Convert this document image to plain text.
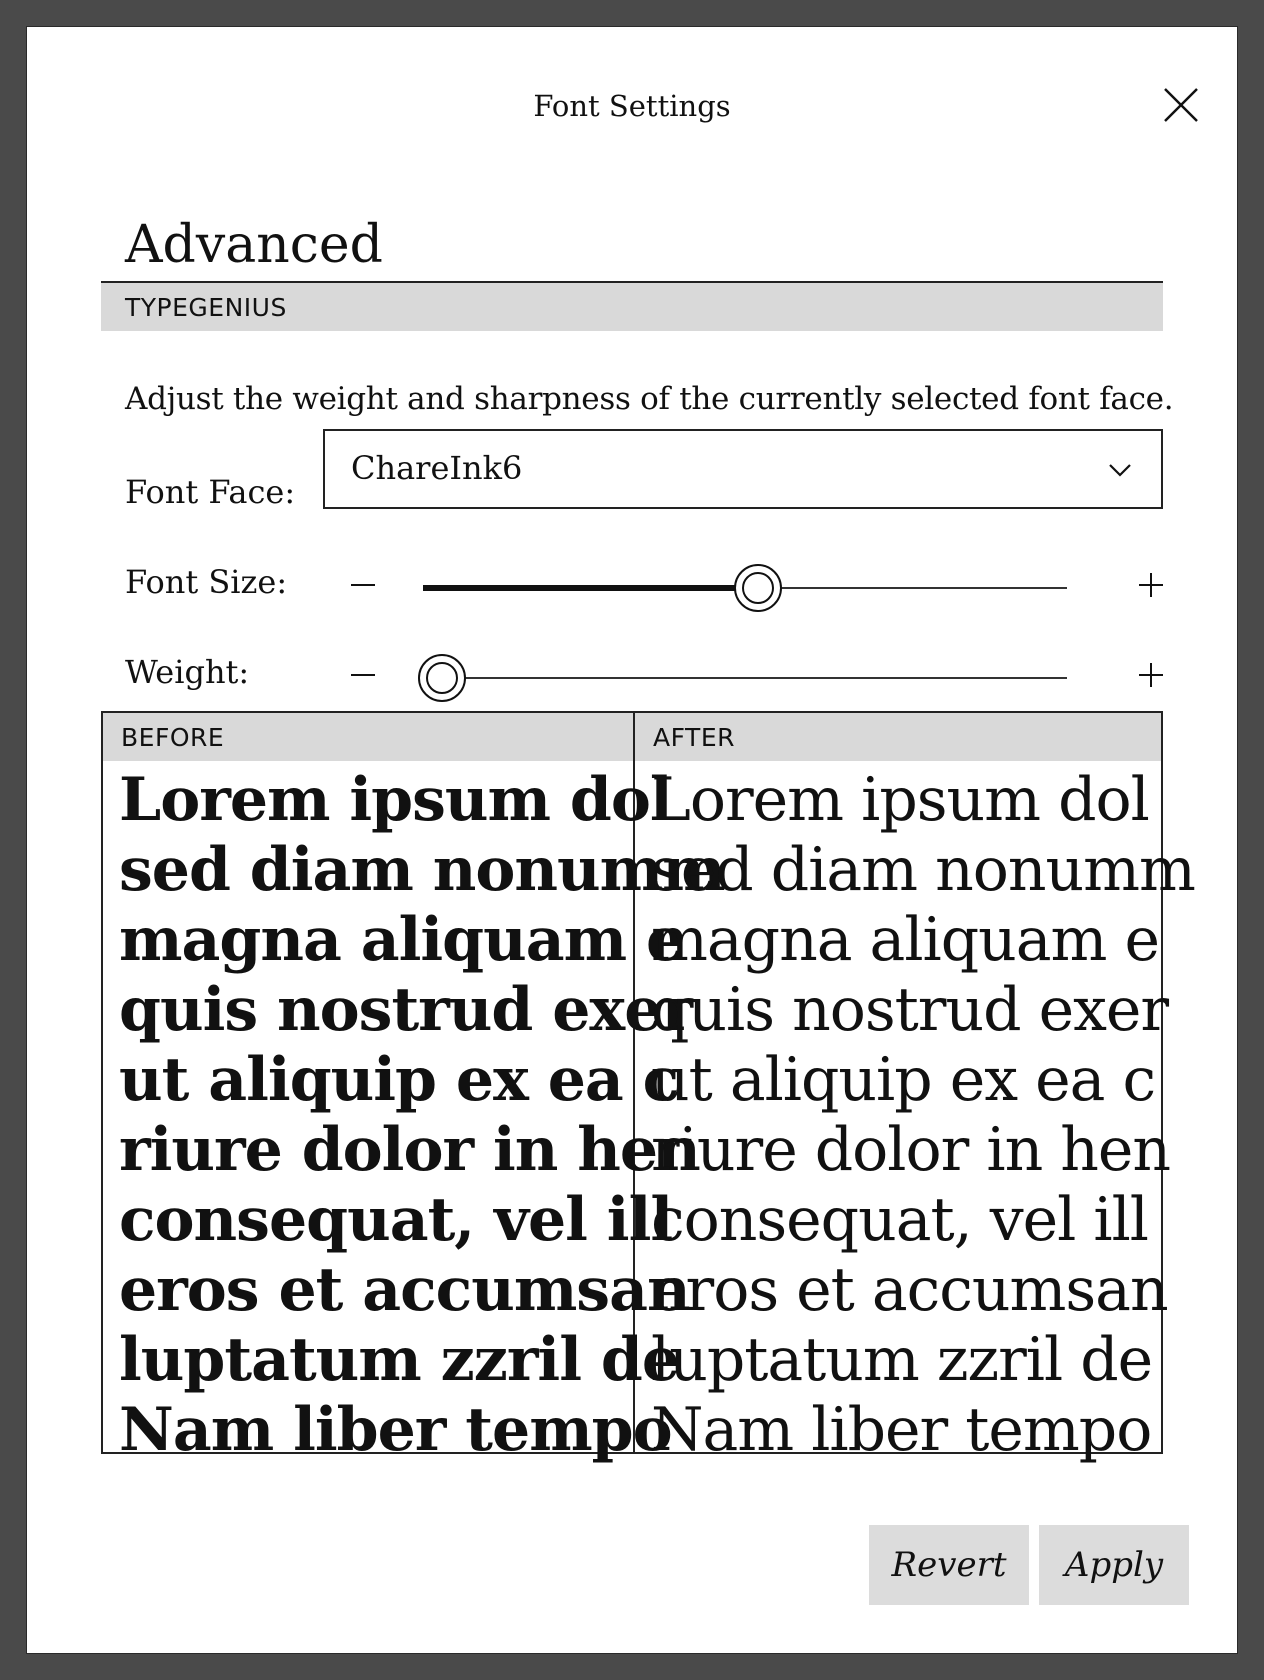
Font Settings
Advanced
TYPEGENIUS
Adjust the weight and sharpness of the currently selected font face.
Font Face:
ChareInk6
Font Size:
Weight:
BEFORE
Lorem ipsum dol
sed diam nonumm
magna aliquam e
quis nostrud exer
ut aliquip ex ea c
riure dolor in hen
consequat, vel ill
eros et accumsan
luptatum zzril de
Nam liber tempo
AFTER
Lorem ipsum dol
sed diam nonumm
magna aliquam e
quis nostrud exer
ut aliquip ex ea c
riure dolor in hen
consequat, vel ill
eros et accumsan
luptatum zzril de
Nam liber tempo
Revert	Apply
